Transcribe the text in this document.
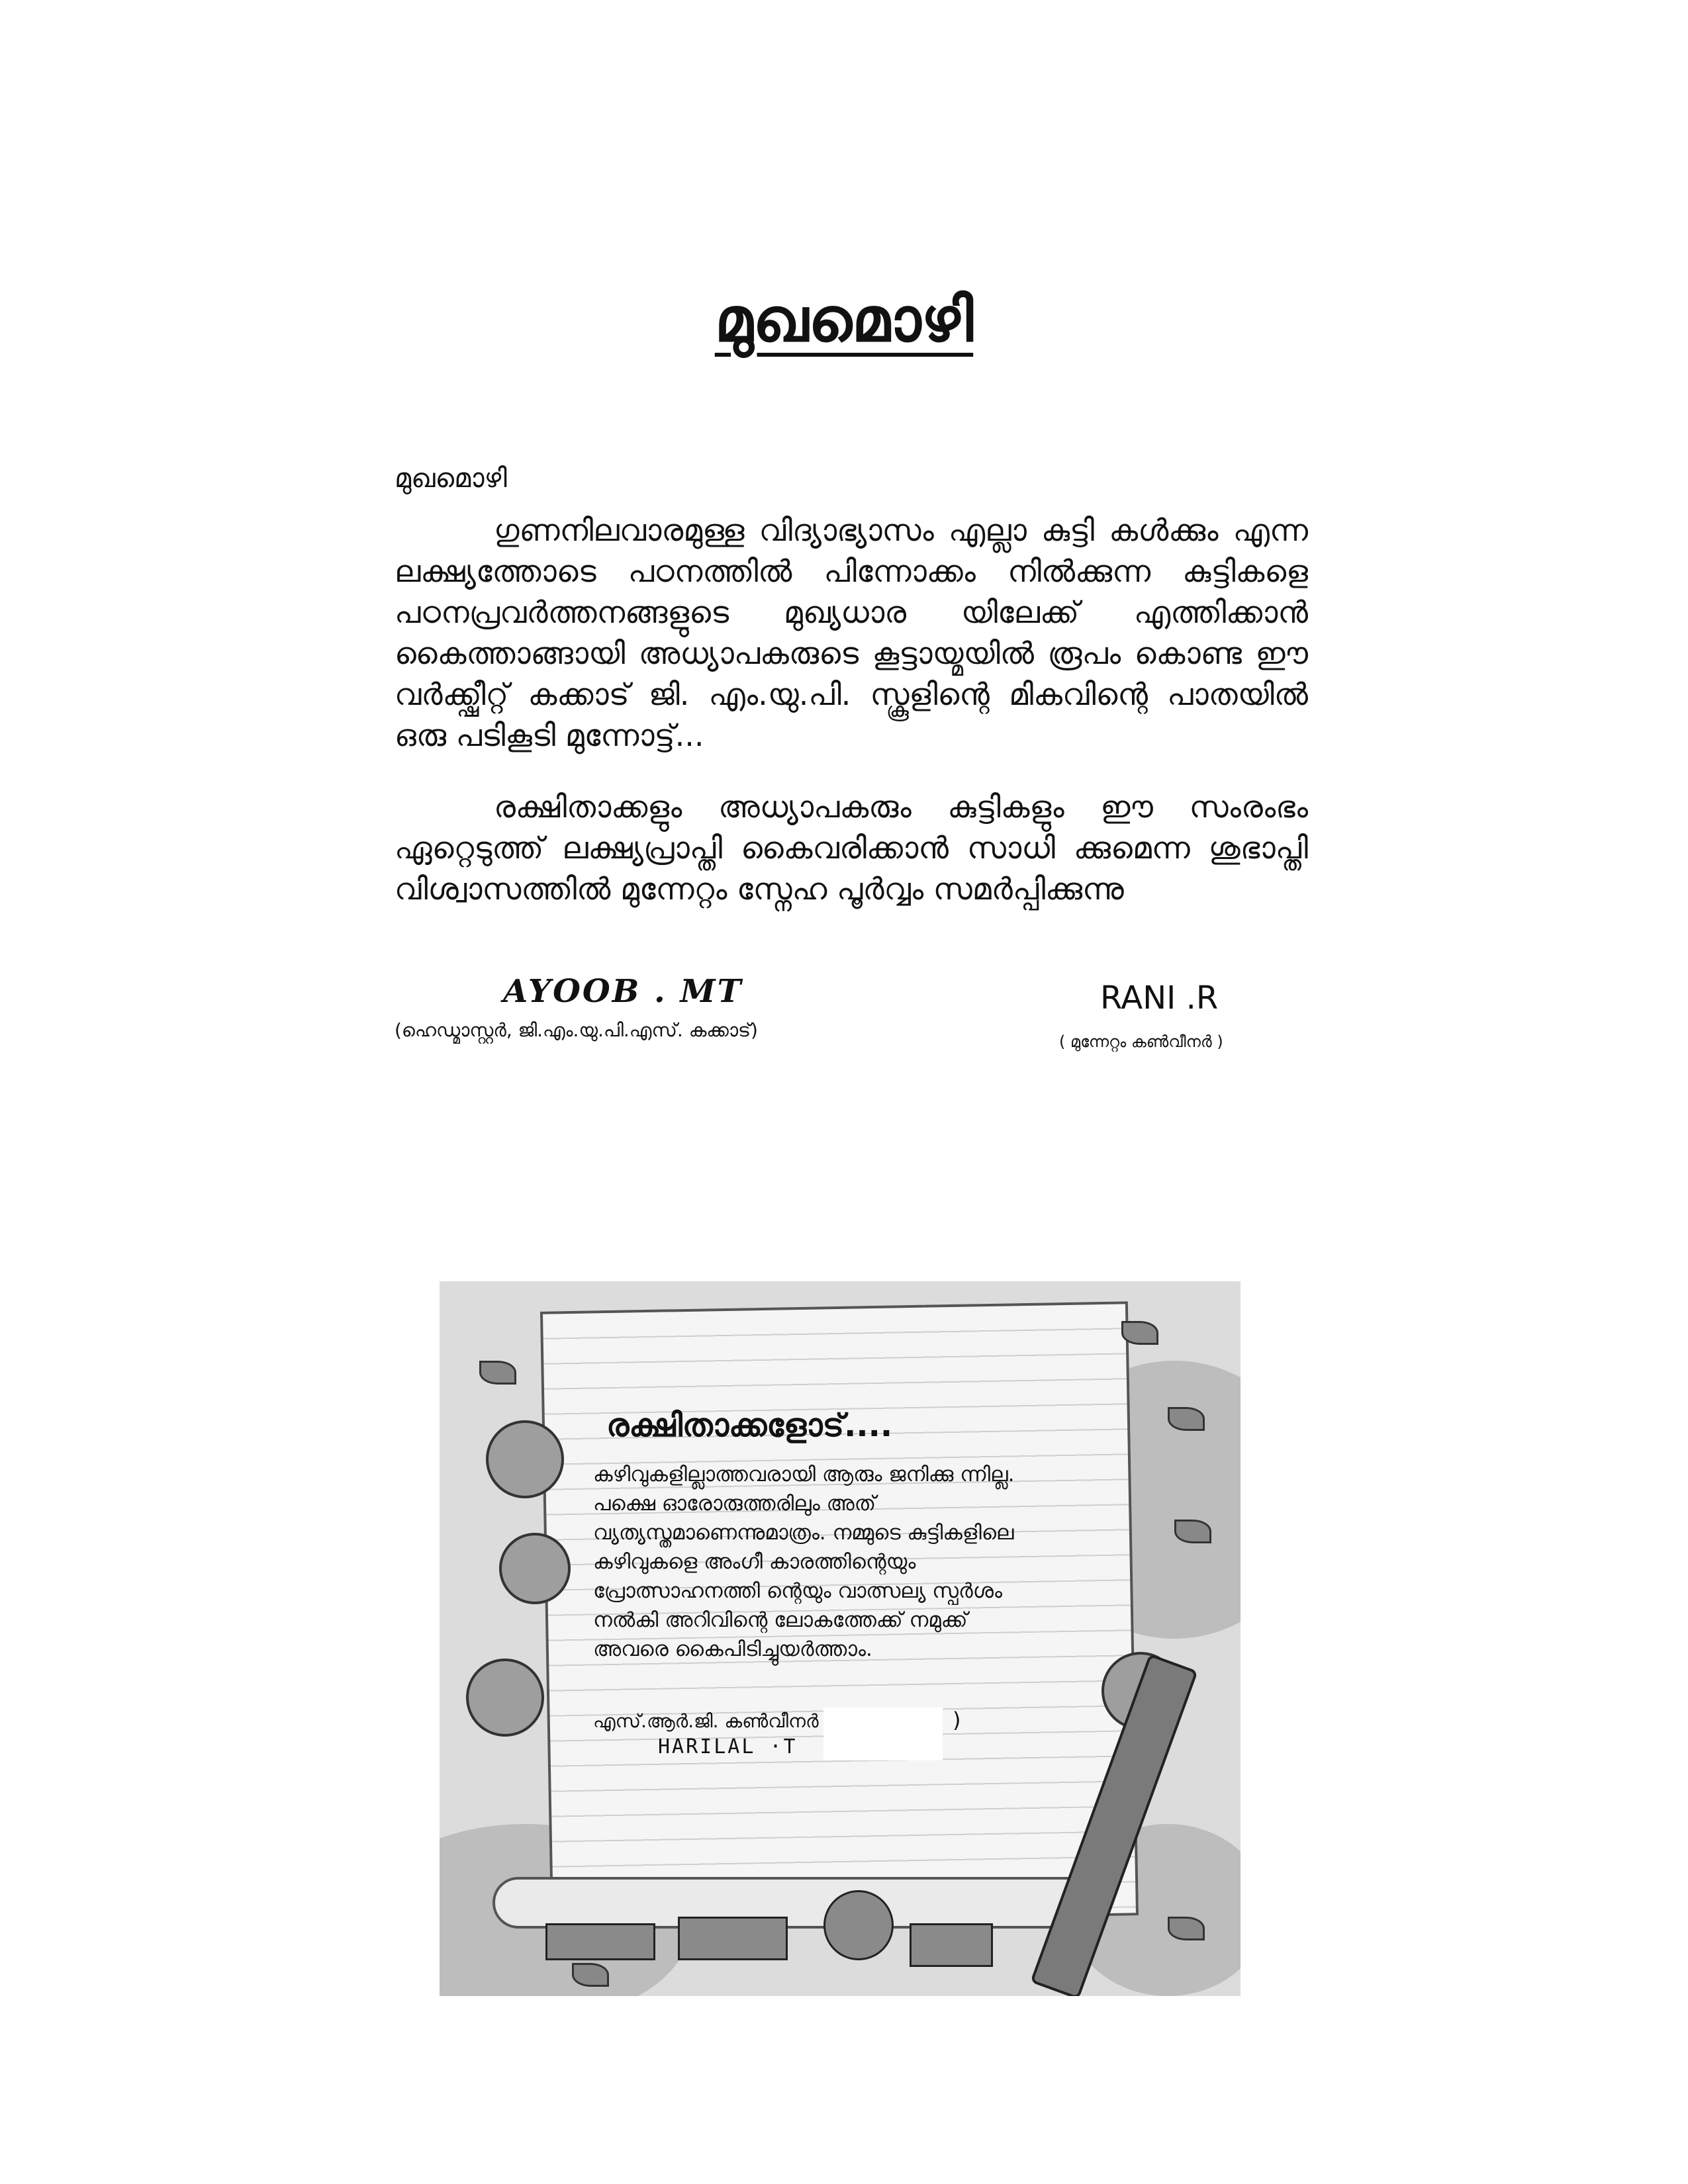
മുഖമൊഴി
മുഖമൊഴി

ഗുണനിലവാരമുള്ള വിദ്യാഭ്യാസം എല്ലാ കുട്ടി കൾക്കും എന്ന ലക്ഷ്യത്തോടെ പഠനത്തിൽ പിന്നോക്കം നിൽക്കുന്ന കുട്ടികളെ പഠനപ്രവർത്തനങ്ങളുടെ മുഖ്യധാര യിലേക്ക് എത്തിക്കാൻ കൈത്താങ്ങായി അധ്യാപകരുടെ കൂട്ടായ്മയിൽ രൂപം കൊണ്ട ഈ വർക്ക്ഷീറ്റ് കക്കാട് ജി. എം.യു.പി. സ്കൂളിന്റെ മികവിന്റെ പാതയിൽ ഒരു പടികൂടി മുന്നോട്ട്...

രക്ഷിതാക്കളും അധ്യാപകരും കുട്ടികളും ഈ സംരംഭം ഏറ്റെടുത്ത് ലക്ഷ്യപ്രാപ്തി കൈവരിക്കാൻ സാധി ക്കുമെന്ന ശുഭാപ്തി വിശ്വാസത്തിൽ മുന്നേറ്റം സ്നേഹ പൂർവ്വം സമർപ്പിക്കുന്നു

AYOOB . MT
(ഹെഡ്മാസ്റ്റർ, ജി.എം.യു.പി.എസ്. കക്കാട്)
RANI .R
( മുന്നേറ്റം കൺവീനർ )
രക്ഷിതാക്കളോട്....

കഴിവുകളില്ലാത്തവരായി ആരും ജനിക്കു ന്നില്ല. പക്ഷെ ഓരോരുത്തരിലും അത് വ്യത്യസ്തമാണെന്നുമാത്രം. നമ്മുടെ കുട്ടികളിലെ കഴിവുകളെ അംഗീ കാരത്തിന്റെയും പ്രോത്സാഹനത്തി ന്റെയും വാത്സല്യ സ്പർശം നൽകി അറിവിന്റെ ലോകത്തേക്ക് നമുക്ക് അവരെ കൈപിടിച്ചുയർത്താം.

എസ്.ആർ.ജി. കൺവീനർ	)
HARILAL ·T
